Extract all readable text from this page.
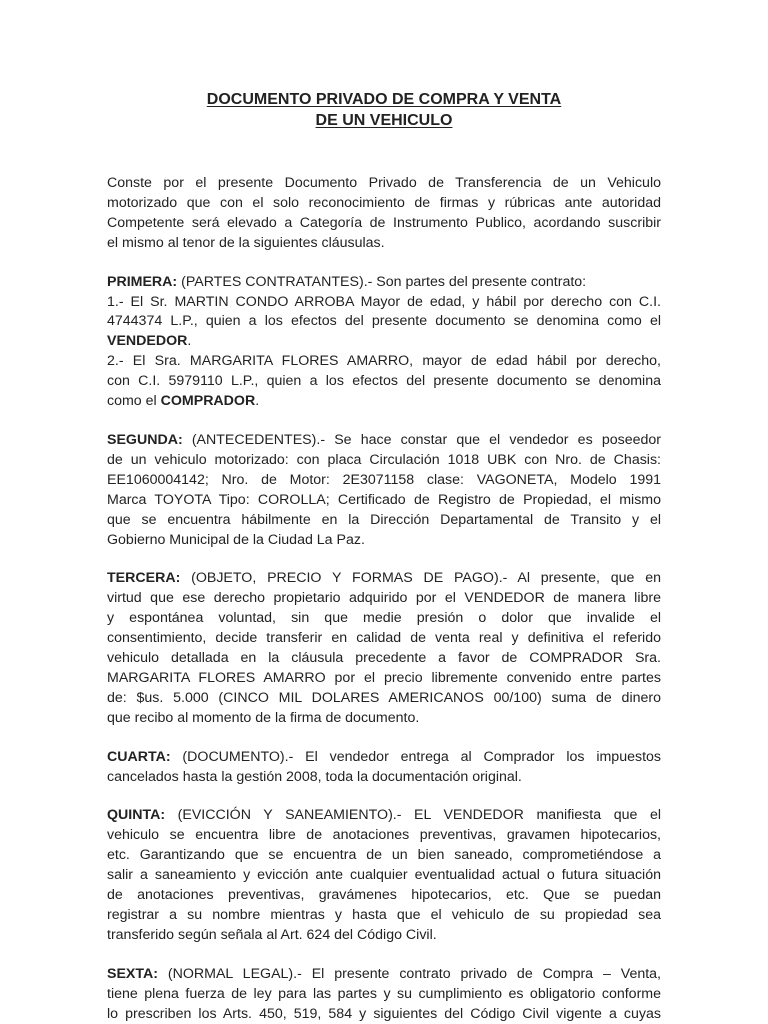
DOCUMENTO PRIVADO DE COMPRA Y VENTA
DE UN VEHICULO

Conste por el presente Documento Privado de Transferencia de un Vehiculo
motorizado que con el solo reconocimiento de firmas y rúbricas ante autoridad
Competente será elevado a Categoría de Instrumento Publico, acordando suscribir
el mismo al tenor de la siguientes cláusulas.

PRIMERA: (PARTES CONTRATANTES).- Son partes del presente contrato:
1.- El Sr. MARTIN CONDO ARROBA Mayor de edad, y hábil por derecho con C.I.
4744374 L.P., quien a los efectos del presente documento se denomina como el
VENDEDOR.
2.- El Sra. MARGARITA FLORES AMARRO, mayor de edad hábil por derecho,
con C.I. 5979110 L.P., quien a los efectos del presente documento se denomina
como el COMPRADOR.

SEGUNDA: (ANTECEDENTES).- Se hace constar que el vendedor es poseedor
de un vehiculo motorizado: con placa Circulación 1018 UBK con Nro. de Chasis:
EE1060004142; Nro. de Motor: 2E3071158 clase: VAGONETA, Modelo 1991
Marca TOYOTA Tipo: COROLLA; Certificado de Registro de Propiedad, el mismo
que se encuentra hábilmente en la Dirección Departamental de Transito y el
Gobierno Municipal de la Ciudad La Paz.

TERCERA: (OBJETO, PRECIO Y FORMAS DE PAGO).- Al presente, que en
virtud que ese derecho propietario adquirido por el VENDEDOR de manera libre
y espontánea voluntad, sin que medie presión o dolor que invalide el
consentimiento, decide transferir en calidad de venta real y definitiva el referido
vehiculo detallada en la cláusula precedente a favor de COMPRADOR Sra.
MARGARITA FLORES AMARRO por el precio libremente convenido entre partes
de: $us. 5.000 (CINCO MIL DOLARES AMERICANOS 00/100) suma de dinero
que recibo al momento de la firma de documento.

CUARTA: (DOCUMENTO).- El vendedor entrega al Comprador los impuestos
cancelados hasta la gestión 2008, toda la documentación original.

QUINTA: (EVICCIÓN Y SANEAMIENTO).- EL VENDEDOR manifiesta que el
vehiculo se encuentra libre de anotaciones preventivas, gravamen hipotecarios,
etc. Garantizando que se encuentra de un bien saneado, comprometiéndose a
salir a saneamiento y evicción ante cualquier eventualidad actual o futura situación
de anotaciones preventivas, gravámenes hipotecarios, etc. Que se puedan
registrar a su nombre mientras y hasta que el vehiculo de su propiedad sea
transferido según señala al Art. 624 del Código Civil.

SEXTA: (NORMAL LEGAL).- El presente contrato privado de Compra – Venta,
tiene plena fuerza de ley para las partes y su cumplimiento es obligatorio conforme
lo prescriben los Arts. 450, 519, 584 y siguientes del Código Civil vigente a cuyas
